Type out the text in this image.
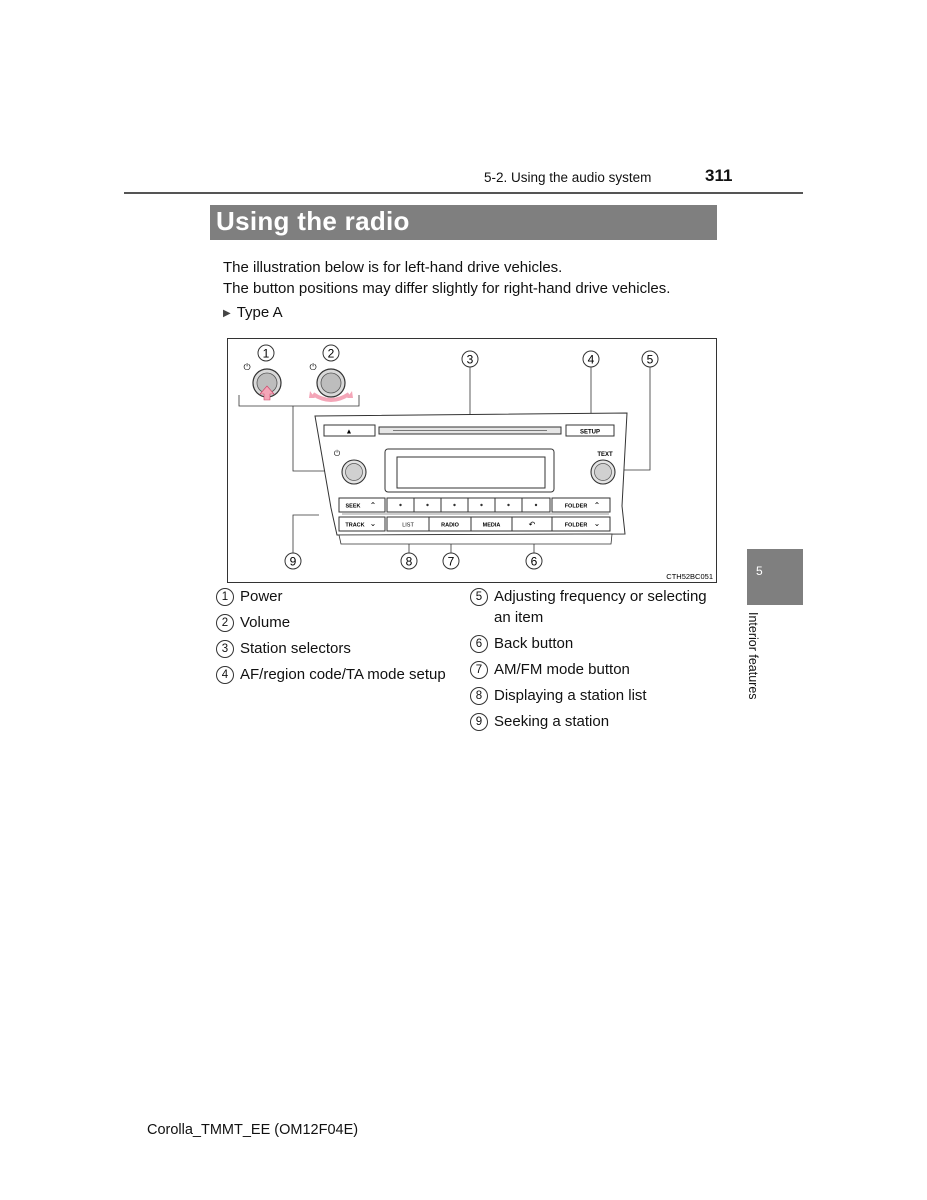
5-2. Using the audio system	311
Using the radio
The illustration below is for left-hand drive vehicles.
The button positions may differ slightly for right-hand drive vehicles.
▶ Type A
1	2	3	4	5
6
7
8
9
⏻	⏻
▲	SETUP
⏻	TEXT
SEEK ⌃	FOLDER ⌃
TRACK ⌄	LIST	RADIO	MEDIA	↶	FOLDER ⌄
CTH52BC051
1 Power
2 Volume
3 Station selectors
4 AF/region code/TA mode setup
5 Adjusting frequency or selecting an item
6 Back button
7 AM/FM mode button
8 Displaying a station list
9 Seeking a station
5
Interior features
Corolla_TMMT_EE (OM12F04E)
